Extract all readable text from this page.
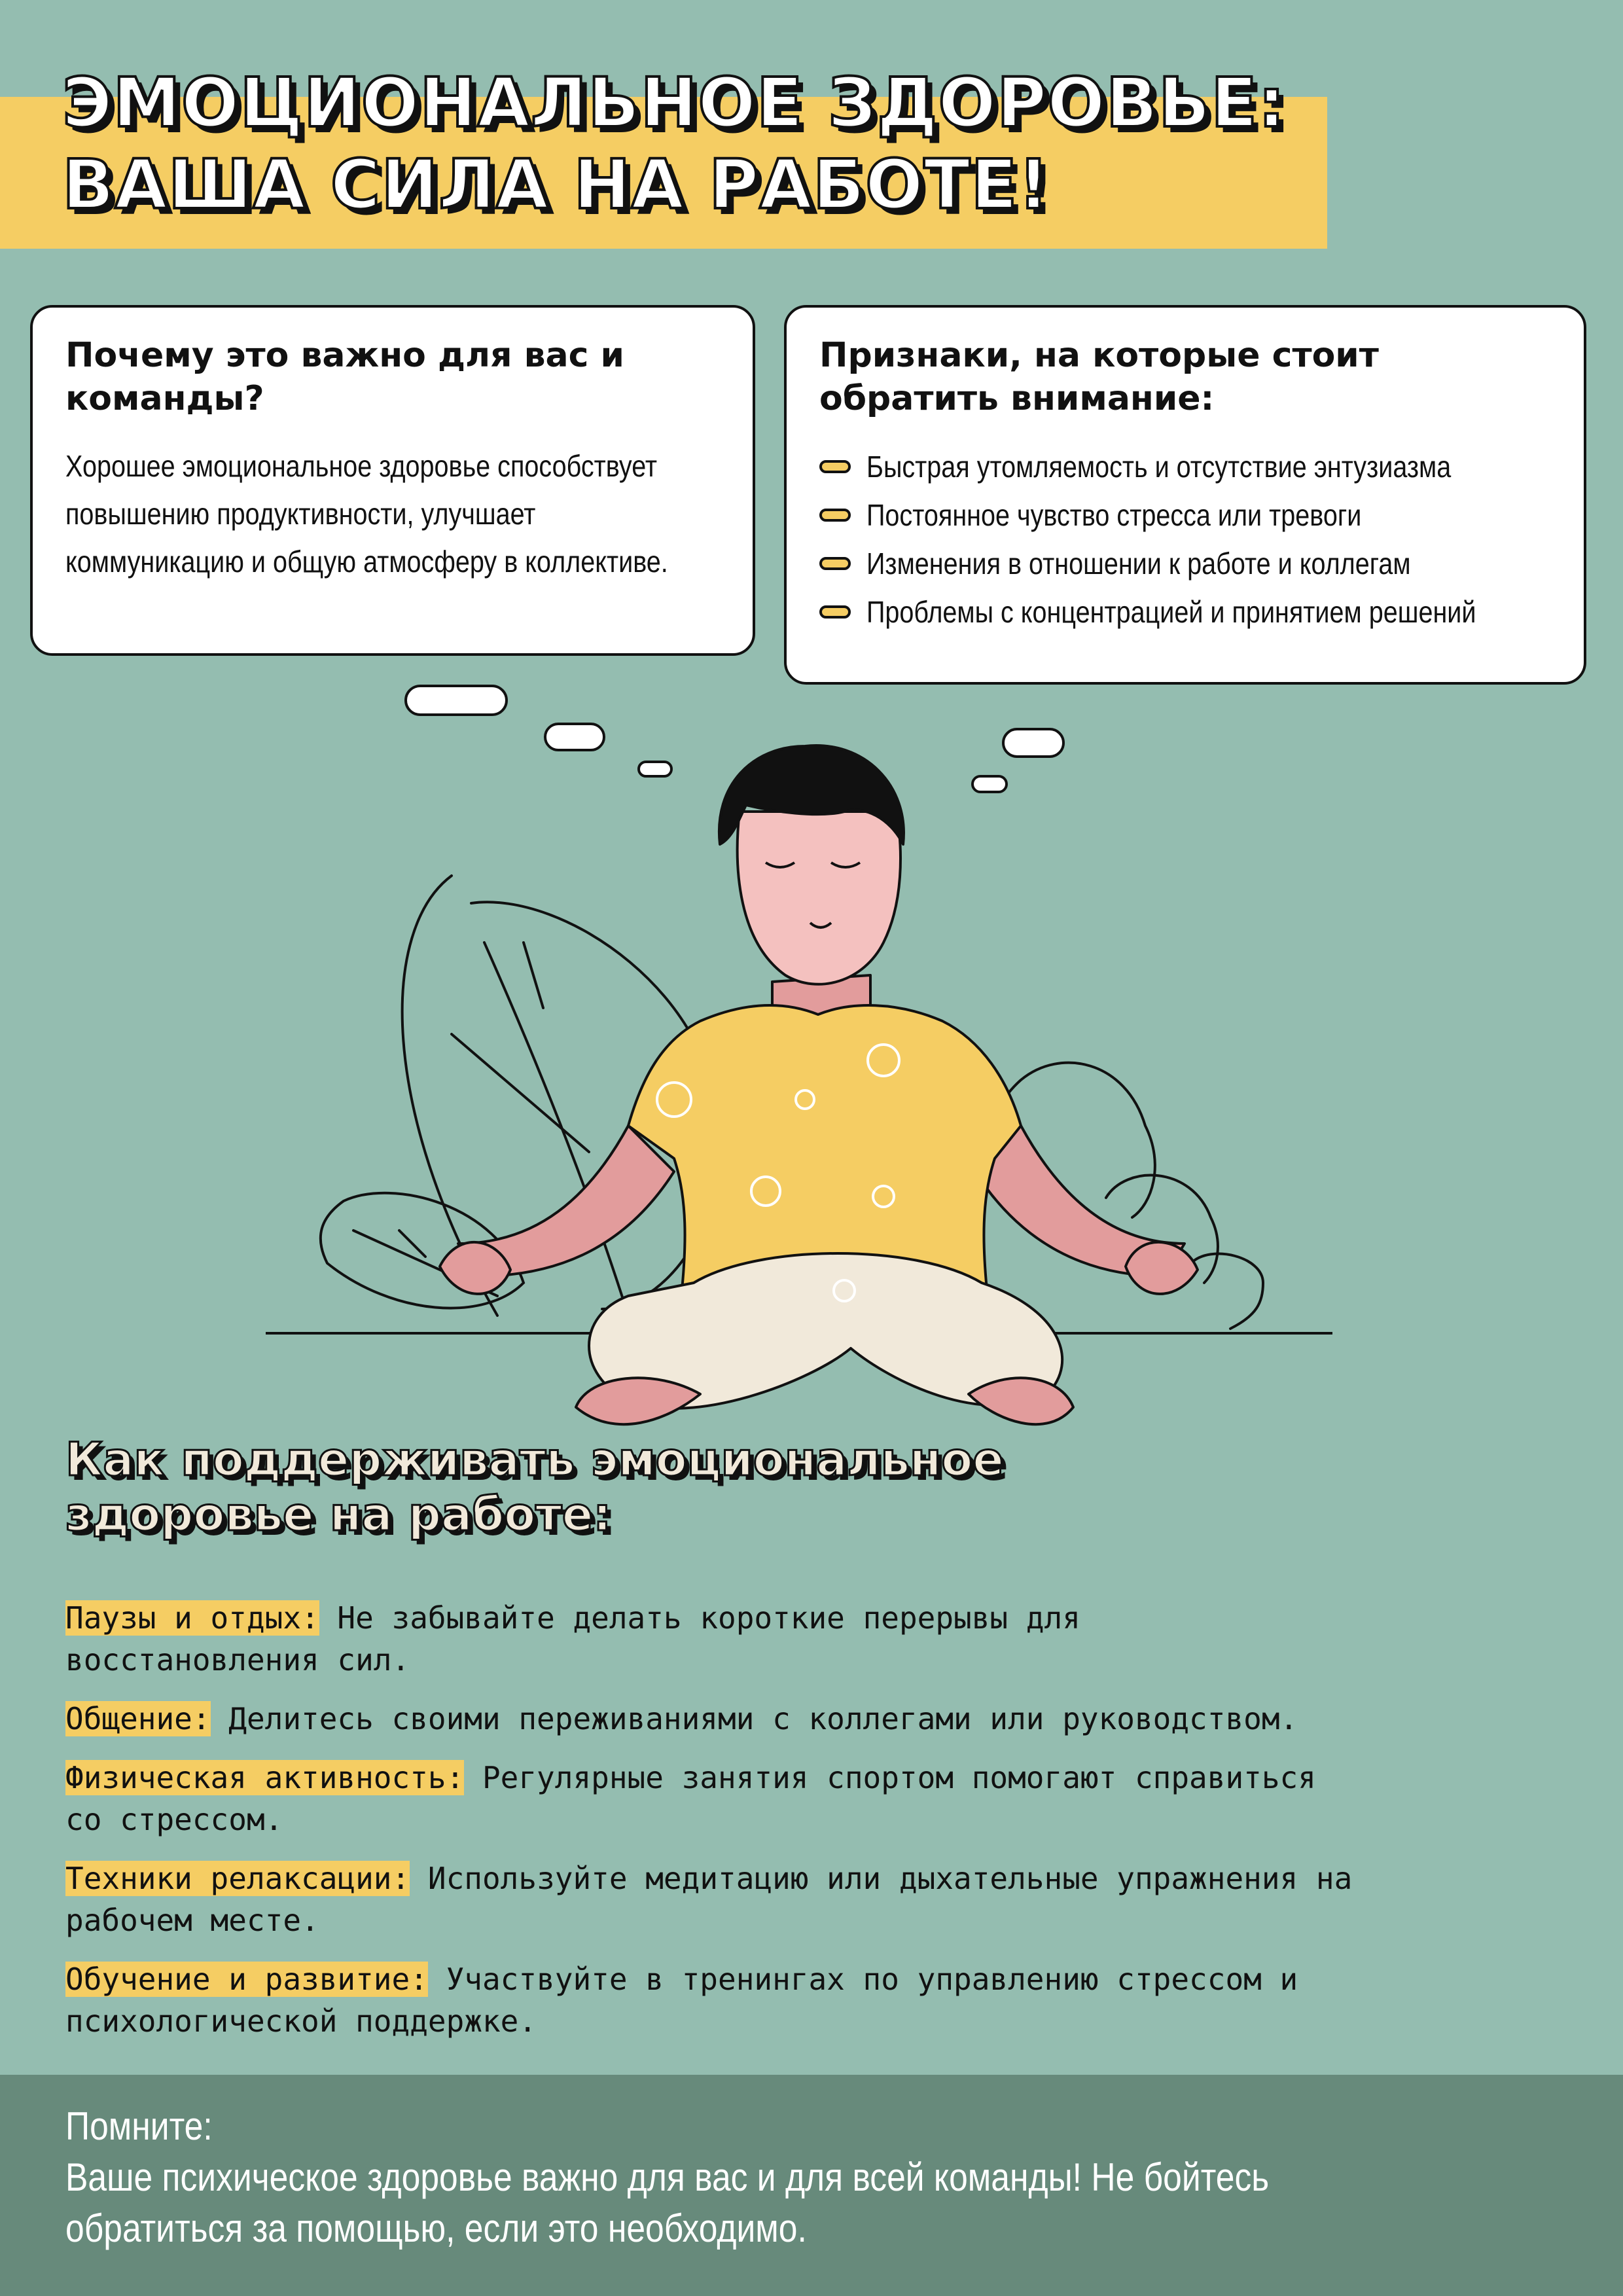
ЭМОЦИОНАЛЬНОЕ ЗДОРОВЬЕ:
ВАША СИЛА НА РАБОТЕ!
Почему это важно для вас и команды?

Хорошее эмоциональное здоровье способствует повышению продуктивности, улучшает коммуникацию и общую атмосферу в коллективе.

Признаки, на которые стоит обратить внимание:
Быстрая утомляемость и отсутствие энтузиазма
Постоянное чувство стресса или тревоги
Изменения в отношении к работе и коллегам
Проблемы с концентрацией и принятием решений
Как поддерживать эмоциональное
здоровье на работе:
Паузы и отдых: Не забывайте делать короткие перерывы для
восстановления сил.
Общение: Делитесь своими переживаниями с коллегами или руководством.
Физическая активность: Регулярные занятия спортом помогают справиться
со стрессом.
Техники релаксации: Используйте медитацию или дыхательные упражнения на
рабочем месте.
Обучение и развитие: Участвуйте в тренингах по управлению стрессом и
психологической поддержке.
Помните:
Ваше психическое здоровье важно для вас и для всей команды! Не бойтесь
обратиться за помощью, если это необходимо.
